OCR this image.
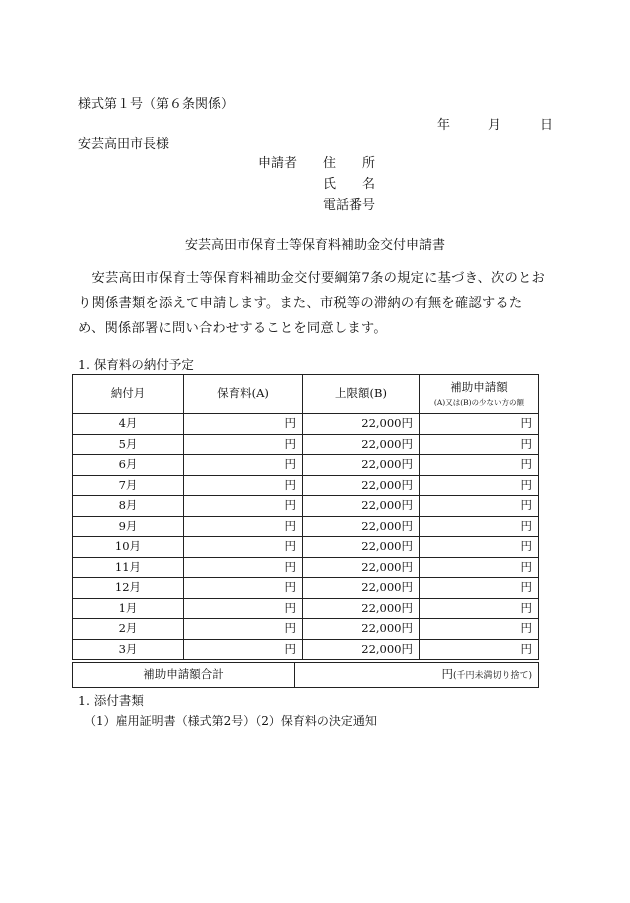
様式第１号（第６条関係）
年	月	日
安芸高田市長様
申請者 住　　所
氏　　名
電話番号
安芸高田市保育士等保育料補助金交付申請書
　安芸高田市保育士等保育料補助金交付要綱第7条の規定に基づき、次のとおり関係書類を添えて申請します。また、市税等の滞納の有無を確認するため、関係部署に問い合わせすることを同意します。
1. 保育料の納付予定
納付月	保育料(A)	上限額(B)	補助申請額
(A)又は(B)の少ない方の額

4月	円	22,000円	円
5月	円	22,000円	円
6月	円	22,000円	円
7月	円	22,000円	円
8月	円	22,000円	円
9月	円	22,000円	円
10月	円	22,000円	円
11月	円	22,000円	円
12月	円	22,000円	円
1月	円	22,000円	円
2月	円	22,000円	円
3月	円	22,000円	円
補助申請額合計	円(千円未満切り捨て)
1. 添付書類
（1）雇用証明書（様式第2号）（2）保育料の決定通知
